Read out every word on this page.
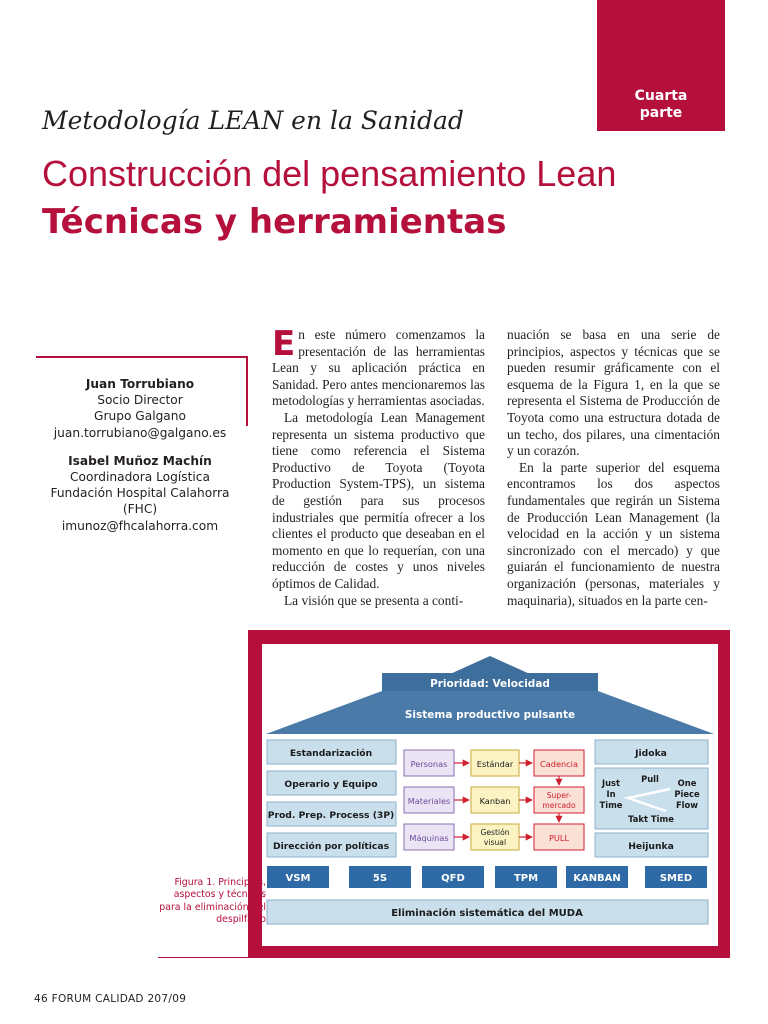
Cuarta
parte
Metodología LEAN en la Sanidad
Construcción del pensamiento Lean
Técnicas y herramientas
Juan Torrubiano
Socio Director
Grupo Galgano
juan.torrubiano@galgano.es
Isabel Muñoz Machín
Coordinadora Logística
Fundación Hospital Calahorra
(FHC)
imunoz@fhcalahorra.com

En este número comenzamos la presentación de las herramientas Lean y su aplicación práctica en Sanidad. Pero antes mencionaremos las metodologías y herramientas asociadas.

La metodología Lean Management representa un sistema productivo que tiene como referencia el Sistema Productivo de Toyota (Toyota Production System-TPS), un sistema de gestión para sus procesos industriales que permitía ofrecer a los clientes el producto que deseaban en el momento en que lo requerían, con una reducción de costes y unos niveles óptimos de Calidad.

La visión que se presenta a conti-

nuación se basa en una serie de principios, aspectos y técnicas que se pueden resumir gráficamente con el esquema de la Figura 1, en la que se representa el Sistema de Producción de Toyota como una estructura dotada de un techo, dos pilares, una cimentación y un corazón.

En la parte superior del esquema encontramos los dos aspectos fundamentales que regirán un Sistema de Producción Lean Management (la velocidad en la acción y un sistema sincronizado con el mercado) y que guiarán el funcionamiento de nuestra organización (personas, materiales y maquinaria), situados en la parte cen-

Prioridad: Velocidad
Sistema productivo pulsante
Estandarización
Operario y Equipo
Prod. Prep. Process (3P)
Dirección por políticas
Personas
Materiales
Máquinas
Estándar
Kanban
Gestión
visual
Cadencia
Super-
mercado
PULL
Jidoka
Just
In
Time
Pull One
Piece
Flow
Takt Time
Heijunka
VSM	5S	QFD	TPM	KANBAN	SMED
Eliminación sistemática del MUDA
Figura 1. Principios, aspectos y técnicas para la eliminación del despilfarro
46 FORUM CALIDAD 207/09
